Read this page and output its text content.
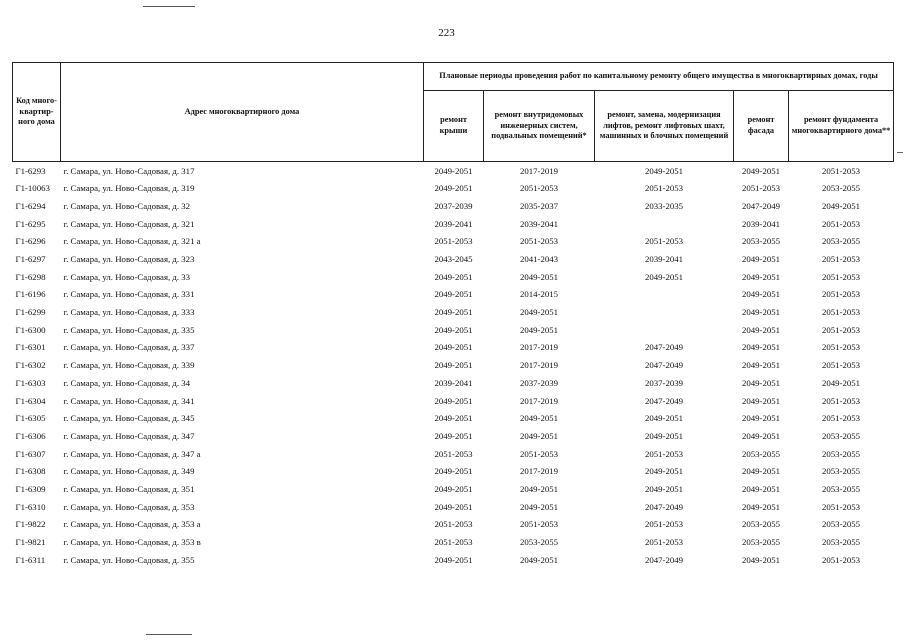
223
Код много-квартир-ного дома	Адрес многоквартирного дома	Плановые периоды проведения работ по капитальному ремонту общего имущества в многоквартирных домах, годы				
		ремонт крыши	ремонт внутридомовых инженерных систем, подвальных помещений*	ремонт, замена, модернизация лифтов, ремонт лифтовых шахт, машинных и блочных помещений	ремонт фасада	ремонт фундамента многоквартирного дома**
Г1-6293	г. Самара, ул. Ново-Садовая, д. 317	2049-2051	2017-2019	2049-2051	2049-2051	2051-2053
Г1-10063	г. Самара, ул. Ново-Садовая, д. 319	2049-2051	2051-2053	2051-2053	2051-2053	2053-2055
Г1-6294	г. Самара, ул. Ново-Садовая, д. 32	2037-2039	2035-2037	2033-2035	2047-2049	2049-2051
Г1-6295	г. Самара, ул. Ново-Садовая, д. 321	2039-2041	2039-2041		2039-2041	2051-2053
Г1-6296	г. Самара, ул. Ново-Садовая, д. 321 а	2051-2053	2051-2053	2051-2053	2053-2055	2053-2055
Г1-6297	г. Самара, ул. Ново-Садовая, д. 323	2043-2045	2041-2043	2039-2041	2049-2051	2051-2053
Г1-6298	г. Самара, ул. Ново-Садовая, д. 33	2049-2051	2049-2051	2049-2051	2049-2051	2051-2053
Г1-6196	г. Самара, ул. Ново-Садовая, д. 331	2049-2051	2014-2015		2049-2051	2051-2053
Г1-6299	г. Самара, ул. Ново-Садовая, д. 333	2049-2051	2049-2051		2049-2051	2051-2053
Г1-6300	г. Самара, ул. Ново-Садовая, д. 335	2049-2051	2049-2051		2049-2051	2051-2053
Г1-6301	г. Самара, ул. Ново-Садовая, д. 337	2049-2051	2017-2019	2047-2049	2049-2051	2051-2053
Г1-6302	г. Самара, ул. Ново-Садовая, д. 339	2049-2051	2017-2019	2047-2049	2049-2051	2051-2053
Г1-6303	г. Самара, ул. Ново-Садовая, д. 34	2039-2041	2037-2039	2037-2039	2049-2051	2049-2051
Г1-6304	г. Самара, ул. Ново-Садовая, д. 341	2049-2051	2017-2019	2047-2049	2049-2051	2051-2053
Г1-6305	г. Самара, ул. Ново-Садовая, д. 345	2049-2051	2049-2051	2049-2051	2049-2051	2051-2053
Г1-6306	г. Самара, ул. Ново-Садовая, д. 347	2049-2051	2049-2051	2049-2051	2049-2051	2053-2055
Г1-6307	г. Самара, ул. Ново-Садовая, д. 347 а	2051-2053	2051-2053	2051-2053	2053-2055	2053-2055
Г1-6308	г. Самара, ул. Ново-Садовая, д. 349	2049-2051	2017-2019	2049-2051	2049-2051	2053-2055
Г1-6309	г. Самара, ул. Ново-Садовая, д. 351	2049-2051	2049-2051	2049-2051	2049-2051	2053-2055
Г1-6310	г. Самара, ул. Ново-Садовая, д. 353	2049-2051	2049-2051	2047-2049	2049-2051	2051-2053
Г1-9822	г. Самара, ул. Ново-Садовая, д. 353 а	2051-2053	2051-2053	2051-2053	2053-2055	2053-2055
Г1-9821	г. Самара, ул. Ново-Садовая, д. 353 в	2051-2053	2053-2055	2051-2053	2053-2055	2053-2055
Г1-6311	г. Самара, ул. Ново-Садовая, д. 355	2049-2051	2049-2051	2047-2049	2049-2051	2051-2053
